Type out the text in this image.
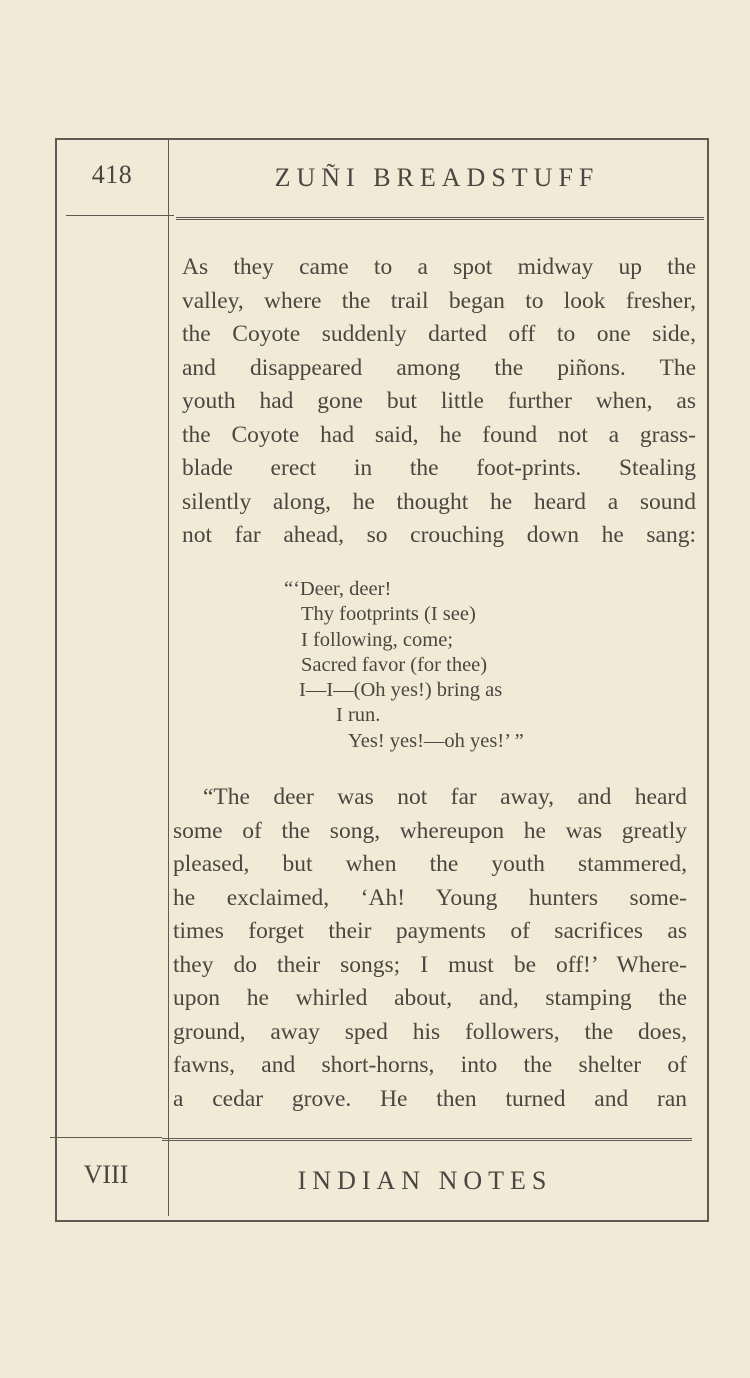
418	ZUÑI BREADSTUFF
As they came to a spot midway up the
valley, where the trail began to look fresher,
the Coyote suddenly darted off to one side,
and disappeared among the piñons. The
youth had gone but little further when, as
the Coyote had said, he found not a grass-
blade erect in the foot-prints. Stealing
silently along, he thought he heard a sound
not far ahead, so crouching down he sang:
“‘Deer, deer!
Thy footprints (I see)
I following, come;
Sacred favor (for thee)
I—I—(Oh yes!) bring as
I run.
Yes! yes!—oh yes!’ ”
“The deer was not far away, and heard
some of the song, whereupon he was greatly
pleased, but when the youth stammered,
he exclaimed, ‘Ah! Young hunters some-
times forget their payments of sacrifices as
they do their songs; I must be off!’ Where-
upon he whirled about, and, stamping the
ground, away sped his followers, the does,
fawns, and short-horns, into the shelter of
a cedar grove. He then turned and ran
VIII	INDIAN NOTES
